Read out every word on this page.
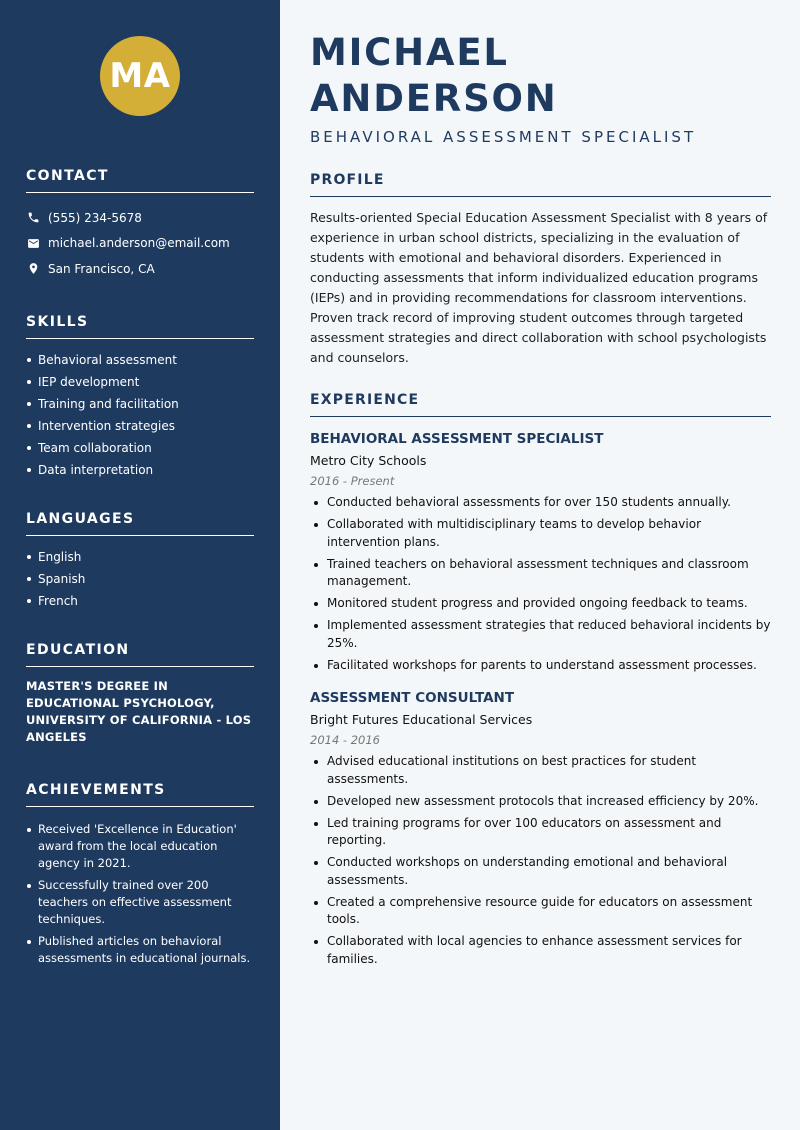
MA
CONTACT
(555) 234-5678
michael.anderson@email.com
San Francisco, CA
SKILLS
Behavioral assessment
IEP development
Training and facilitation
Intervention strategies
Team collaboration
Data interpretation
LANGUAGES
English
Spanish
French
EDUCATION
MASTER'S DEGREE IN EDUCATIONAL PSYCHOLOGY, UNIVERSITY OF CALIFORNIA - LOS ANGELES
ACHIEVEMENTS
Received 'Excellence in Education' award from the local education agency in 2021.
Successfully trained over 200 teachers on effective assessment techniques.
Published articles on behavioral assessments in educational journals.
MICHAEL ANDERSON
BEHAVIORAL ASSESSMENT SPECIALIST
PROFILE

Results-oriented Special Education Assessment Specialist with 8 years of experience in urban school districts, specializing in the evaluation of students with emotional and behavioral disorders. Experienced in conducting assessments that inform individualized education programs (IEPs) and in providing recommendations for classroom interventions. Proven track record of improving student outcomes through targeted assessment strategies and direct collaboration with school psychologists and counselors.

EXPERIENCE
BEHAVIORAL ASSESSMENT SPECIALIST
Metro City Schools
2016 - Present
Conducted behavioral assessments for over 150 students annually.
Collaborated with multidisciplinary teams to develop behavior intervention plans.
Trained teachers on behavioral assessment techniques and classroom management.
Monitored student progress and provided ongoing feedback to teams.
Implemented assessment strategies that reduced behavioral incidents by 25%.
Facilitated workshops for parents to understand assessment processes.
ASSESSMENT CONSULTANT
Bright Futures Educational Services
2014 - 2016
Advised educational institutions on best practices for student assessments.
Developed new assessment protocols that increased efficiency by 20%.
Led training programs for over 100 educators on assessment and reporting.
Conducted workshops on understanding emotional and behavioral assessments.
Created a comprehensive resource guide for educators on assessment tools.
Collaborated with local agencies to enhance assessment services for families.
